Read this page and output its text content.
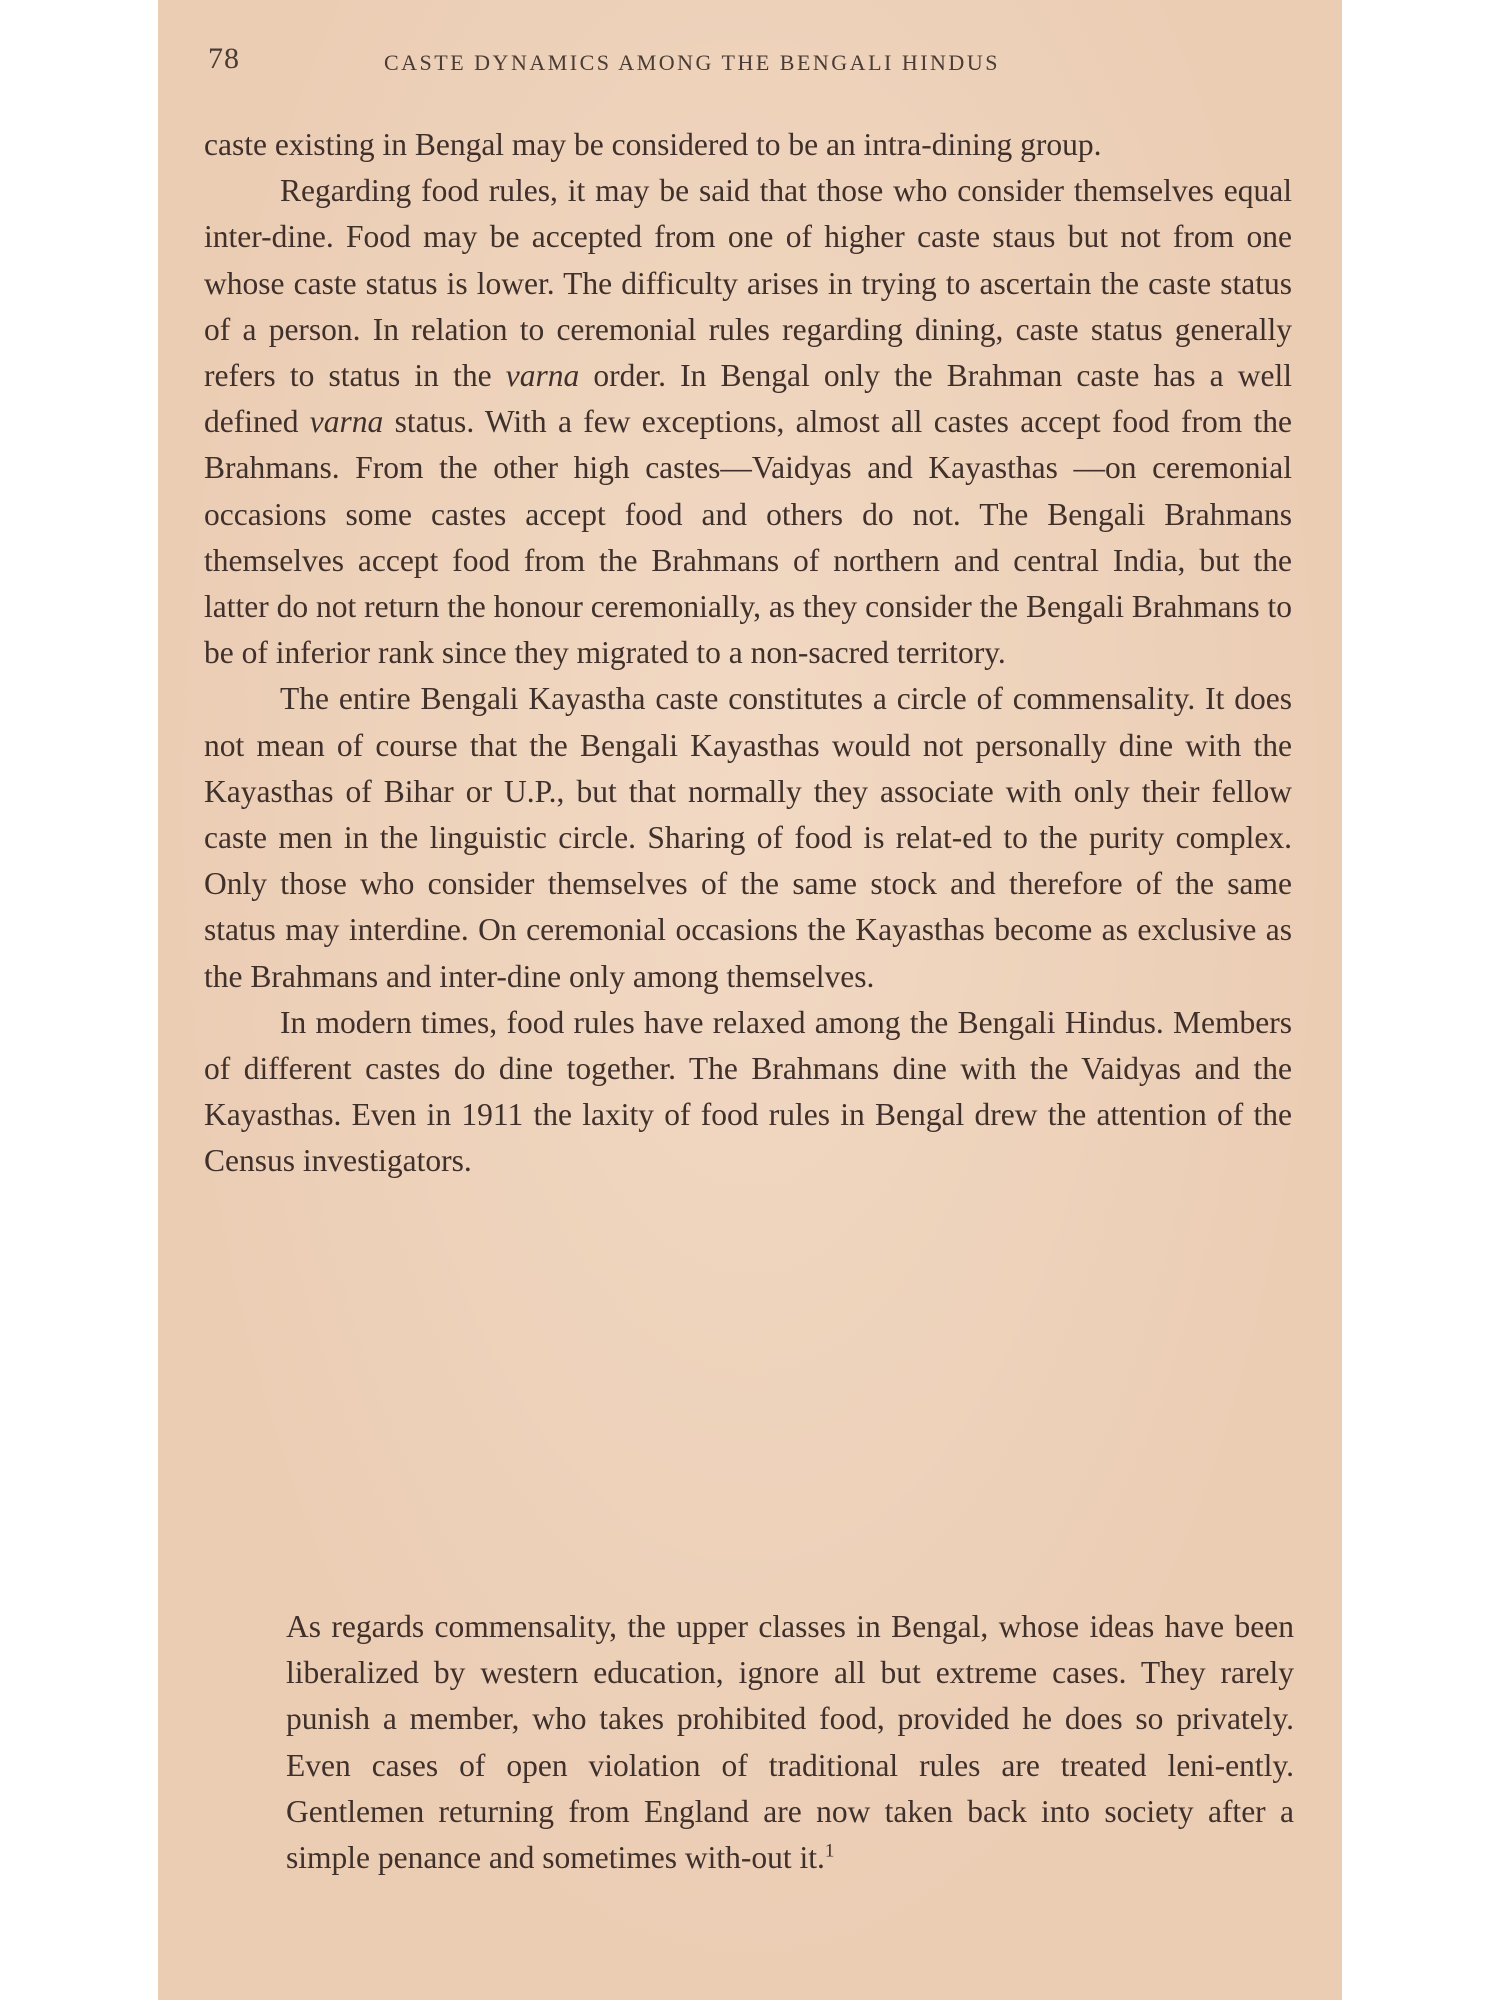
78	CASTE DYNAMICS AMONG THE BENGALI HINDUS

caste existing in Bengal may be considered to be an intra-dining group.

Regarding food rules, it may be said that those who consider themselves equal inter-dine. Food may be accepted from one of higher caste staus but not from one whose caste status is lower. The difficulty arises in trying to ascertain the caste status of a person. In relation to ceremonial rules regarding dining, caste status generally refers to status in the varna order. In Bengal only the Brahman caste has a well defined varna status. With a few exceptions, almost all castes accept food from the Brahmans. From the other high castes—Vaidyas and Kayasthas —on ceremonial occasions some castes accept food and others do not. The Bengali Brahmans themselves accept food from the Brahmans of northern and central India, but the latter do not return the honour ceremonially, as they consider the Bengali Brahmans to be of inferior rank since they migrated to a non-sacred territory.

The entire Bengali Kayastha caste constitutes a circle of commensality. It does not mean of course that the Bengali Kayasthas would not personally dine with the Kayasthas of Bihar or U.P., but that normally they associate with only their fellow caste men in the linguistic circle. Sharing of food is relat-ed to the purity complex. Only those who consider themselves of the same stock and therefore of the same status may interdine. On ceremonial occasions the Kayasthas become as exclusive as the Brahmans and inter-dine only among themselves.

In modern times, food rules have relaxed among the Bengali Hindus. Members of different castes do dine together. The Brahmans dine with the Vaidyas and the Kayasthas. Even in 1911 the laxity of food rules in Bengal drew the attention of the Census investigators.

As regards commensality, the upper classes in Bengal, whose ideas have been liberalized by western education, ignore all but extreme cases. They rarely punish a member, who takes prohibited food, provided he does so privately. Even cases of open violation of traditional rules are treated leni-ently. Gentlemen returning from England are now taken back into society after a simple penance and sometimes with-out it.$^1$
